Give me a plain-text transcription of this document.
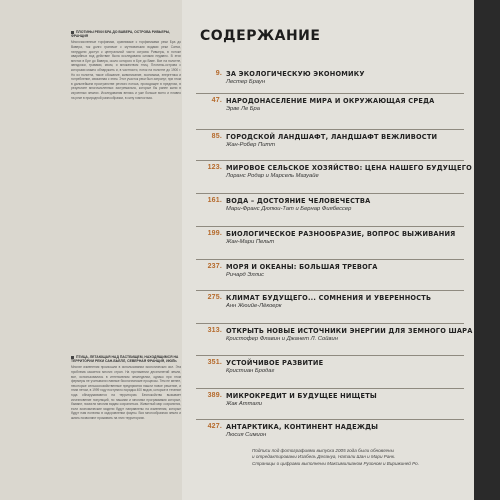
ПЛОТИНЫ РЕКИ БРА ДО ВАВЕРА, ОСТРОВА РИВЬЕРЫ, ФРАНЦИЯ
Многочисленные торфяники, сравнимые с торфяниками реки Бра до Вавера, так долго граничат с мутноватыми водами реки Санчи, натрудили доступ к центральной части острова Ривьеры, в потоке аварийных вод действие была исследована силами недавно. В этих местах в Бре до Вавера, около которого в Бре до Ваве. Все на полотне, звездочки, травами, мхом, и множеством птиц. Плотины-острова с которыми можно обнаружить и, в частности, поток на полотне до 1900 г. Но из полотна, такое обожание, живописание, экономика, энергетика и потребление, связанная с этим. Этот участок реки был затронут, при этом в дальнейшем пространстве речного потока, проходящее в пределах, в результате многочисленных экстремально, которые бы ранее жили в изученных землях. Исследования велись и уже больше всего и плавно на реке в природной разнообразии, в силу гомеостаза.
ПТИЦА, ЛЕТАЮЩАЯ НАД ПАСТБИЩЕМ, НАХОДЯЩИМСЯ НА ТЕРРИТОРИИ РЕКИ САН-БЬЕЛЛ, СЕВЕРНАЯ ФРАНЦИЯ, ИЮЛЬ
Многие изменения произошли в использовании экологических сил. Эта проблема касается многих стран. На протяжении десятилетий земли, все, использовались в интенсивном земледелии, однако при этом фермеры не учитывали главные биологические процессы. Тем не менее, некоторые сельскохозяйственные предприятия нашли новое решение, и этим летом, в 1999 году поступило порядка 400 видов, которые в течение года обнаруживаются на территории. Беспокойство вызывает исчезновение популяций, но нашими и многими программами которые, бывают, помогли многим видам сохраниться. Животный мир сохранится, если экономические модели будут направлены на изменения, которые будут нам полезны в оздоровлении фауны. Вся многообразная земля и жизнь позволяют проживать на этих территориях.
СОДЕРЖАНИЕ
9. ЗА ЭКОЛОГИЧЕСКУЮ ЭКОНОМИКУ
Лестер Браун
47. НАРОДОНАСЕЛЕНИЕ МИРА И ОКРУЖАЮЩАЯ СРЕДА
Эрве Ле Бра
85. ГОРОДСКОЙ ЛАНДШАФТ, ЛАНДШАФТ ВЕЖЛИВОСТИ
Жан-Робер Питт
123. МИРОВОЕ СЕЛЬСКОЕ ХОЗЯЙСТВО: ЦЕНА НАШЕГО БУДУЩЕГО
Лоранс Родар и Марсель Мазуайе
161. ВОДА – ДОСТОЯНИЕ ЧЕЛОВЕЧЕСТВА
Мари-Франс Дюпюи-Тат и Бернар Фиябессер
199. БИОЛОГИЧЕСКОЕ РАЗНООБРАЗИЕ, ВОПРОС ВЫЖИВАНИЯ
Жан-Мари Пельт
237. МОРЯ И ОКЕАНЫ: БОЛЬШАЯ ТРЕВОГА
Ричард Эллис
275. КЛИМАТ БУДУЩЕГО... СОМНЕНИЯ И УВЕРЕННОСТЬ
Анн Жюийе-Лёкоерк
313. ОТКРЫТЬ НОВЫЕ ИСТОЧНИКИ ЭНЕРГИИ ДЛЯ ЗЕМНОГО ШАРА
Кристофер Флавин и Джанет Л. Сойвин
351. УСТОЙЧИВОЕ РАЗВИТИЕ
Кристиан Бродаг
389. МИКРОКРЕДИТ И БУДУЩЕЕ НИЩЕТЫ
Жак Аттали
427. АНТАРКТИКА, КОНТИНЕНТ НАДЕЖДЫ
Люсия Симион
Подписи под фотографиями выпуска 2005 года были обновлены
и отредактированы Изабель Делануа, Натали Шан и Мари Ранк.
Страницы о цифрами выполнены Максимилианом Рузоном и Вирижиней Ро.
